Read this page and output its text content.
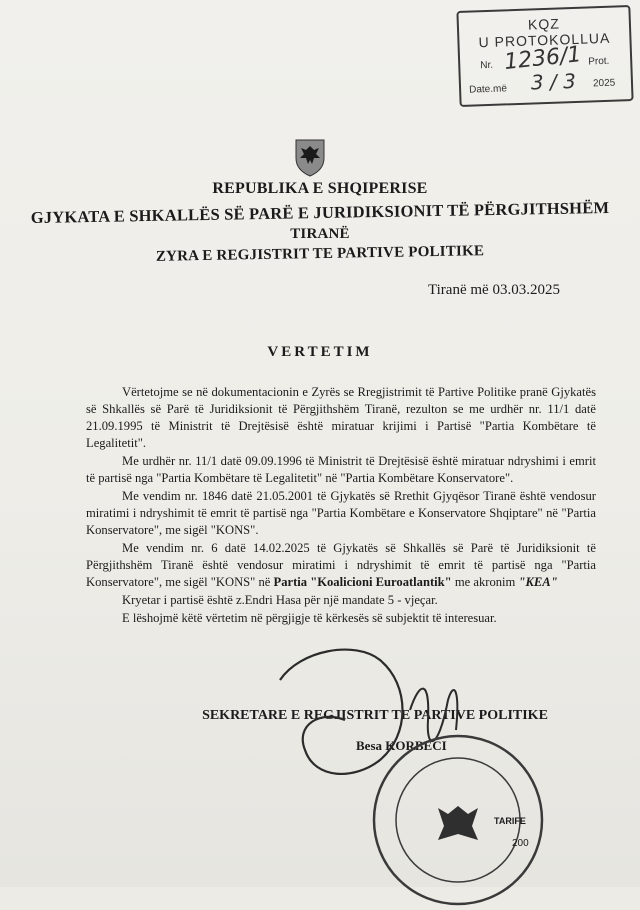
KQZ
U PROTOKOLLUA
Nr. 1236/1 Prot.
Date.më 3 / 3 2025
REPUBLIKA E SHQIPERISE
GJYKATA E SHKALLËS SË PARË E JURIDIKSIONIT TË PËRGJITHSHËM
TIRANË
ZYRA E REGJISTRIT TE PARTIVE POLITIKE
Tiranë më 03.03.2025
VERTETIM

Vërtetojme se në dokumentacionin e Zyrës se Rregjistrimit të Partive Politike pranë Gjykatës së Shkallës së Parë të Juridiksionit të Përgjithshëm Tiranë, rezulton se me urdhër nr. 11/1 datë 21.09.1995 të Ministrit të Drejtësisë është miratuar krijimi i Partisë "Partia Kombëtare të Legalitetit".

Me urdhër nr. 11/1 datë 09.09.1996 të Ministrit të Drejtësisë është miratuar ndryshimi i emrit të partisë nga "Partia Kombëtare të Legalitetit" në "Partia Kombëtare Konservatore".

Me vendim nr. 1846 datë 21.05.2001 të Gjykatës së Rrethit Gjyqësor Tiranë është vendosur miratimi i ndryshimit të emrit të partisë nga "Partia Kombëtare e Konservatore Shqiptare" në "Partia Konservatore", me sigël "KONS".

Me vendim nr. 6 datë 14.02.2025 të Gjykatës së Shkallës së Parë të Juridiksionit të Përgjithshëm Tiranë është vendosur miratimi i ndryshimit të emrit të partisë nga "Partia Konservatore", me sigël "KONS" në Partia "Koalicioni Euroatlantik" me akronim "KEA"

Kryetar i partisë është z.Endri Hasa për një mandate 5 - vjeçar.

E lëshojmë këtë vërtetim në përgjigje të kërkesës së subjektit të interesuar.

SEKRETARE E REGJISTRIT TE PARTIVE POLITIKE
Besa KORBECI
TARIFE
200
